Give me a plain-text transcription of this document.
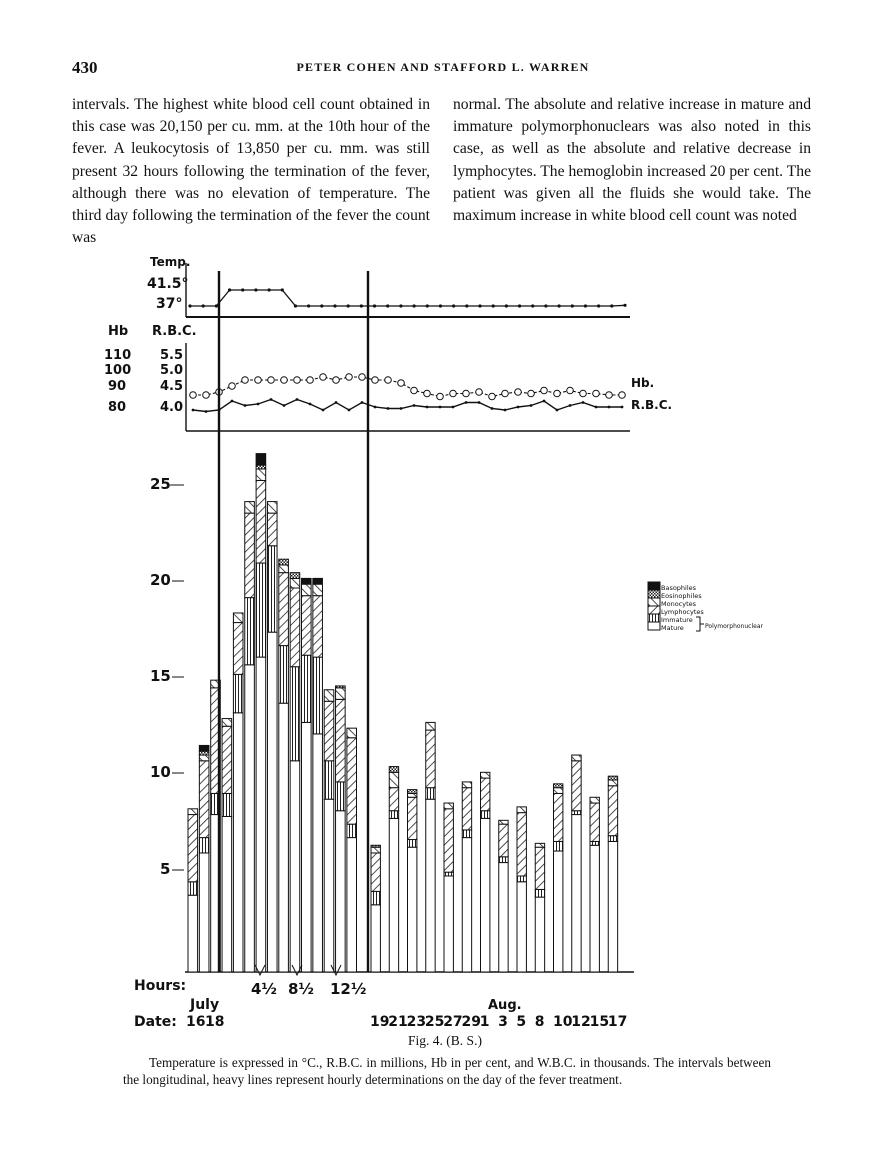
430	PETER COHEN AND STAFFORD L. WARREN

intervals. The highest white blood cell count obtained in this case was 20,150 per cu. mm. at the 10th hour of the fever. A leukocytosis of 13,850 per cu. mm. was still present 32 hours following the termination of the fever, although there was no elevation of temperature. The third day following the termination of the fever the count was

normal. The absolute and relative increase in mature and immature polymorphonuclears was also noted in this case, as well as the absolute and relative decrease in lymphocytes. The hemoglobin increased 20 per cent. The patient was given all the fluids she would take. The maximum increase in white blood cell count was noted

Temp.
41.5°
37°
Hb R.B.C.
110
100
90
80
5.5
5.0
4.5
4.0
Hb.
R.B.C.
25
20
15
10
5
Basophiles
Eosinophiles
Monocytes
Lymphocytes
Immature
Mature	Polymorphonuclear
Hours:
Date:
4½ 8½ 12½
July	Aug.
16 18	19
21
23
25
27
29
1 3 5 8 10
12
15
17
Fig. 4. (B. S.)

Temperature is expressed in °C., R.B.C. in millions, Hb in per cent, and W.B.C. in thousands. The intervals between the longitudinal, heavy lines represent hourly determinations on the day of the fever treatment.
